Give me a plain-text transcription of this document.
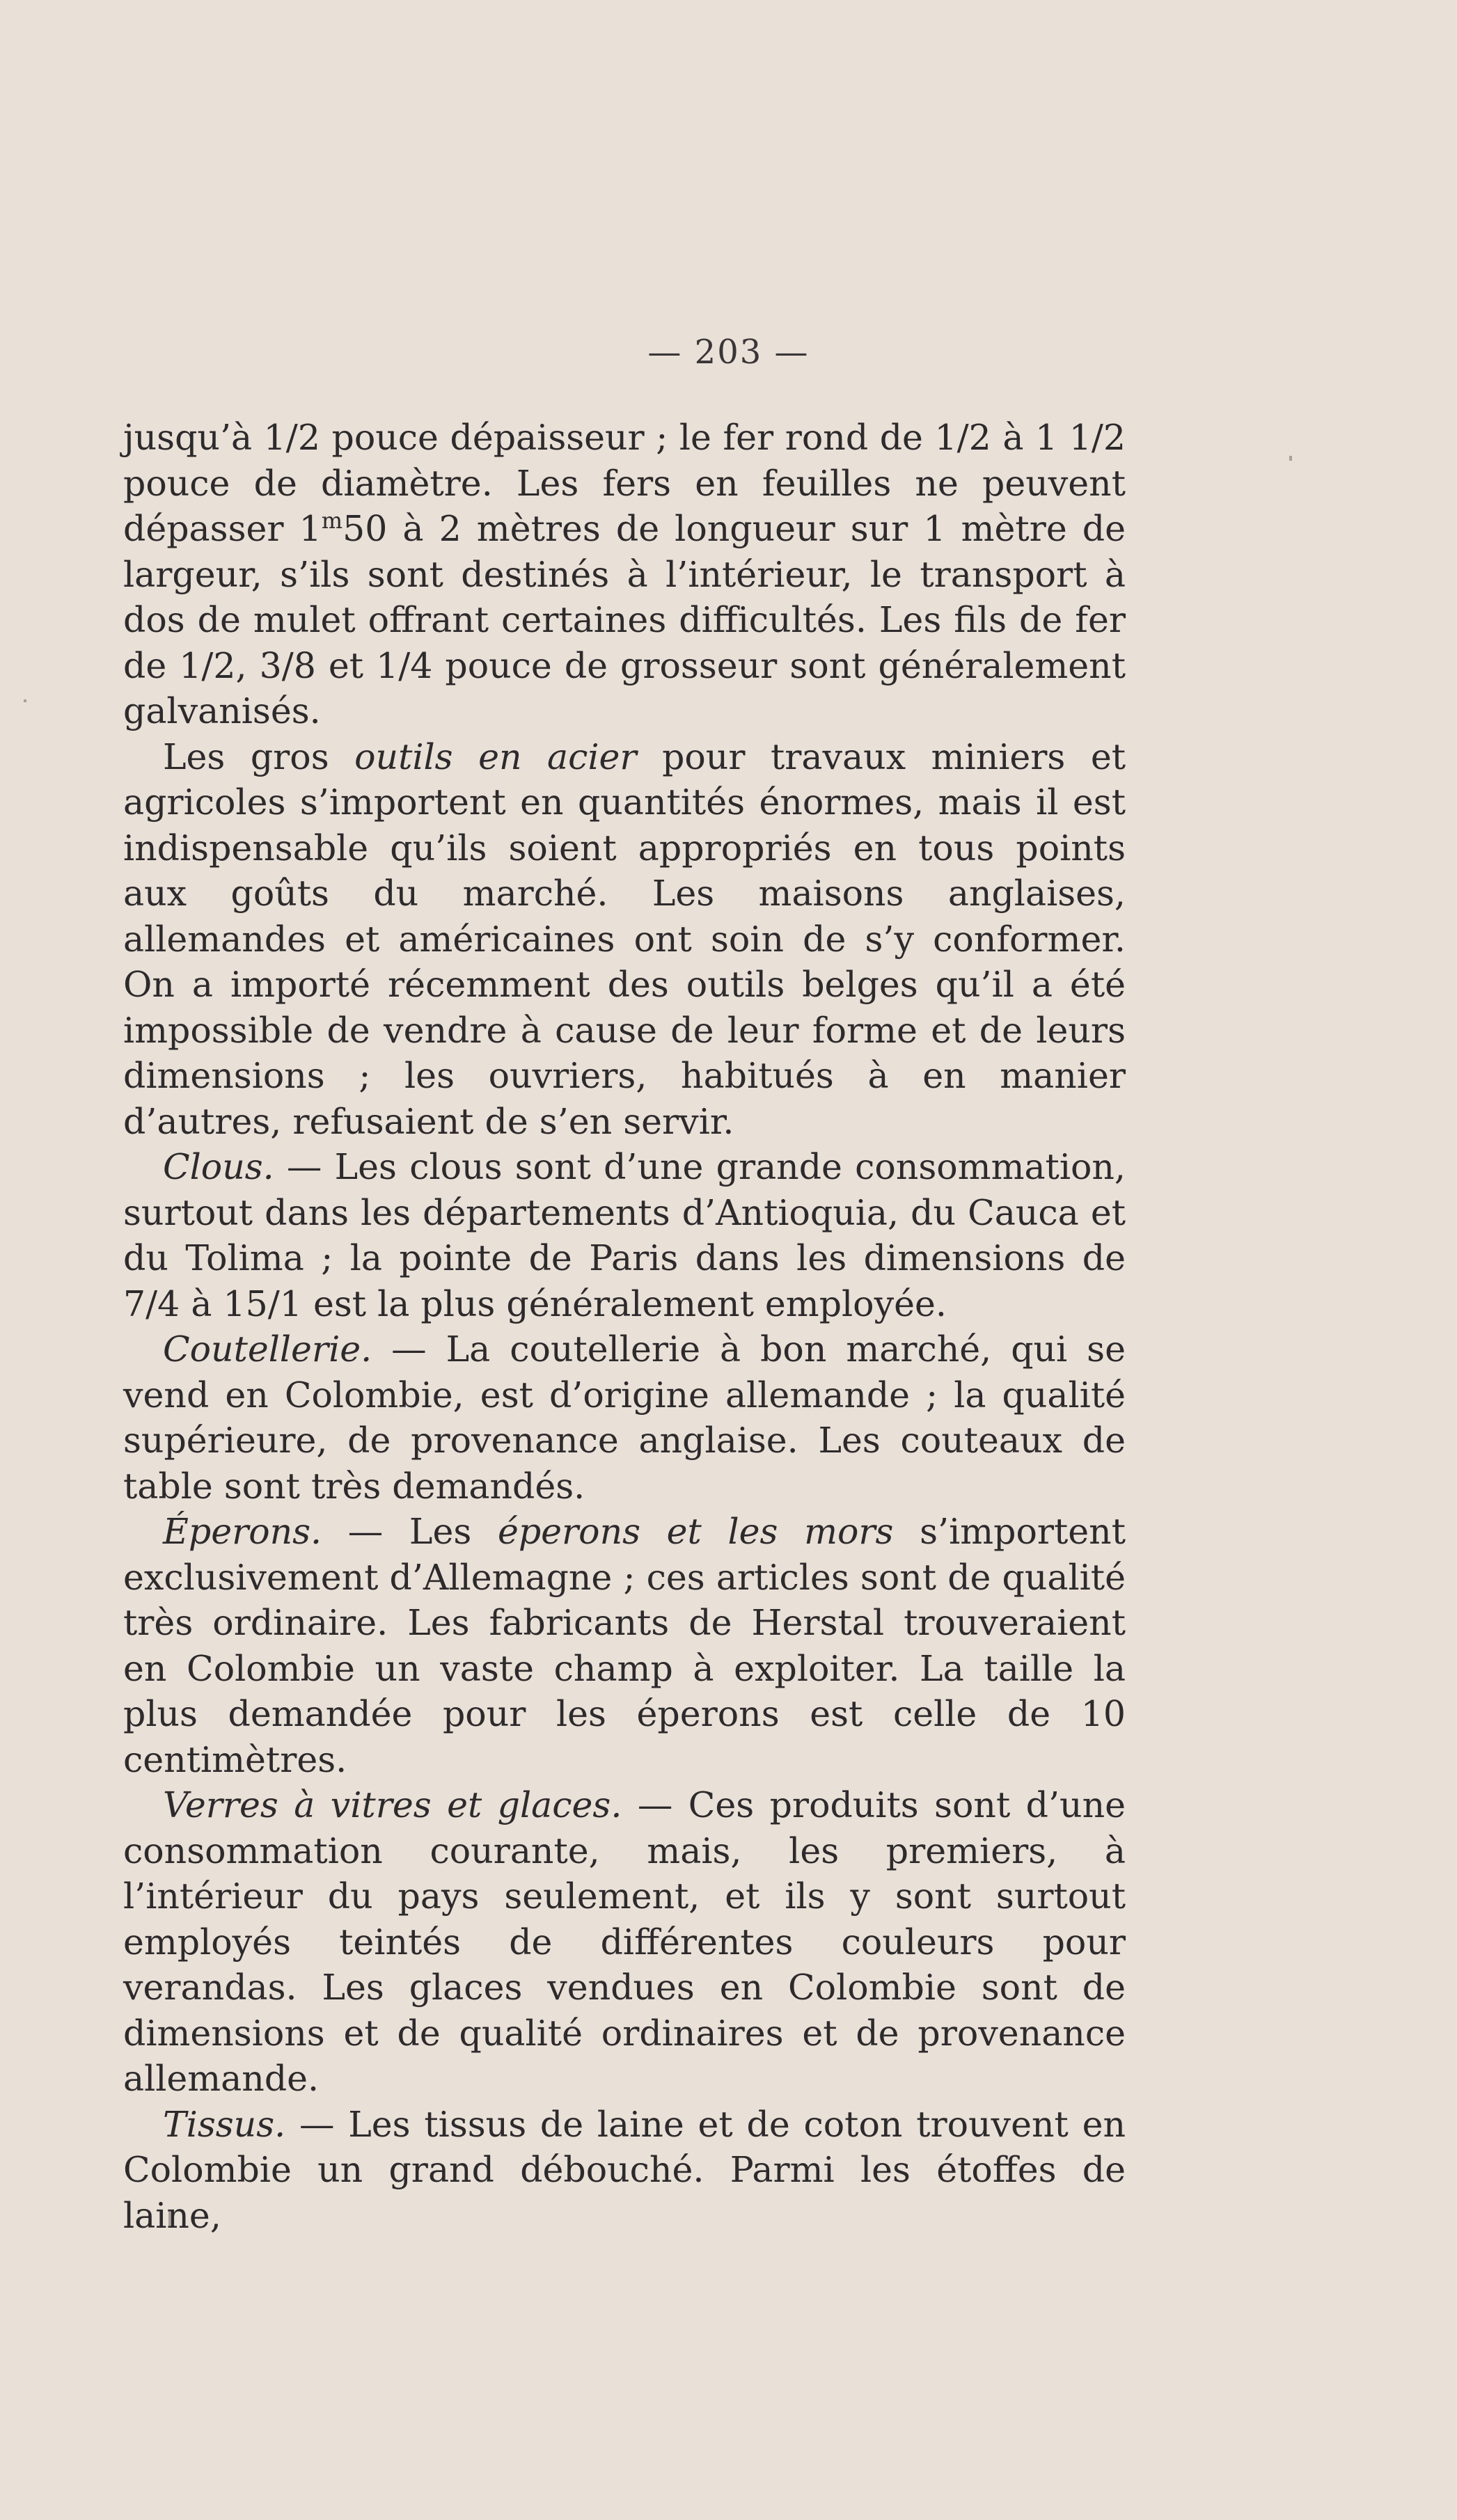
— 203 —

jusqu’à 1/2 pouce dépaisseur ; le fer rond de 1/2 à 1 1/2 pouce de diamètre. Les fers en feuilles ne peuvent dépasser 1$^m$50 à 2 mètres de longueur sur 1 mètre de largeur, s’ils sont destinés à l’intérieur, le transport à dos de mulet offrant certaines difficultés. Les fils de fer de 1/2, 3/8 et 1/4 pouce de grosseur sont généralement galvanisés.

Les gros outils en acier pour travaux miniers et agricoles s’importent en quantités énormes, mais il est indispensable qu’ils soient appropriés en tous points aux goûts du marché. Les maisons anglaises, allemandes et américaines ont soin de s’y conformer. On a importé récemment des outils belges qu’il a été impossible de vendre à cause de leur forme et de leurs dimensions ; les ouvriers, habitués à en manier d’autres, refusaient de s’en servir.

Clous. — Les clous sont d’une grande consommation, surtout dans les départements d’Antioquia, du Cauca et du Tolima ; la pointe de Paris dans les dimensions de 7/4 à 15/1 est la plus généralement employée.

Coutellerie. — La coutellerie à bon marché, qui se vend en Colombie, est d’origine allemande ; la qualité supérieure, de provenance anglaise. Les couteaux de table sont très demandés.

Éperons. — Les éperons et les mors s’importent exclusivement d’Allemagne ; ces articles sont de qualité très ordinaire. Les fabricants de Herstal trouveraient en Colombie un vaste champ à exploiter. La taille la plus demandée pour les éperons est celle de 10 centimètres.

Verres à vitres et glaces. — Ces produits sont d’une consommation courante, mais, les premiers, à l’intérieur du pays seulement, et ils y sont surtout employés teintés de différentes couleurs pour verandas. Les glaces vendues en Colombie sont de dimensions et de qualité ordinaires et de provenance allemande.

Tissus. — Les tissus de laine et de coton trouvent en Colombie un grand débouché. Parmi les étoffes de laine,
